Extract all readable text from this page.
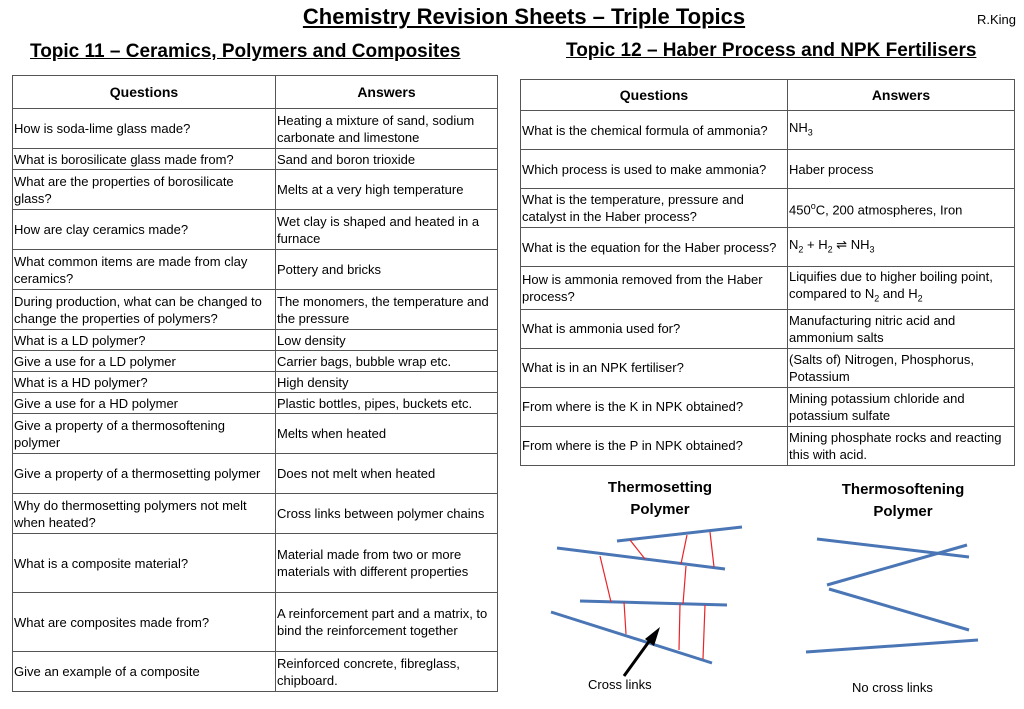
Chemistry Revision Sheets – Triple Topics	R.King
Topic 11 – Ceramics, Polymers and Composites	Topic 12 – Haber Process and NPK Fertilisers
Questions	Answers
How is soda-lime glass made?	Heating a mixture of sand, sodium carbonate and limestone
What is borosilicate glass made from?	Sand and boron trioxide
What are the properties of borosilicate glass?	Melts at a very high temperature
How are clay ceramics made?	Wet clay is shaped and heated in a furnace
What common items are made from clay ceramics?	Pottery and bricks
During production, what can be changed to change the properties of polymers?	The monomers, the temperature and the pressure
What is a LD polymer?	Low density
Give a use for a LD polymer	Carrier bags, bubble wrap etc.
What is a HD polymer?	High density
Give a use for a HD polymer	Plastic bottles, pipes, buckets etc.
Give a property of a thermosoftening polymer	Melts when heated
Give a property of a thermosetting polymer	Does not melt when heated
Why do thermosetting polymers not melt when heated?	Cross links between polymer chains
What is a composite material?	Material made from two or more materials with different properties
What are composites made from?	A reinforcement part and a matrix, to bind the reinforcement together
Give an example of a composite	Reinforced concrete, fibreglass, chipboard.
Questions	Answers
What is the chemical formula of ammonia?	$NH_3$
Which process is used to make ammonia?	Haber process
What is the temperature, pressure and catalyst in the Haber process?	450$^o$C, 200 atmospheres, Iron
What is the equation for the Haber process?	$N_2 + H_2$ ⇌ $NH_3$
How is ammonia removed from the Haber process?	Liquifies due to higher boiling point, compared to $N_2$ and $H_2$
What is ammonia used for?	Manufacturing nitric acid and ammonium salts
What is in an NPK fertiliser?	(Salts of) Nitrogen, Phosphorus, Potassium
From where is the K in NPK obtained?	Mining potassium chloride and potassium sulfate
From where is the P in NPK obtained?	Mining phosphate rocks and reacting this with acid.
Thermosetting
Polymer
Thermosoftening
Polymer
Cross links	No cross links
